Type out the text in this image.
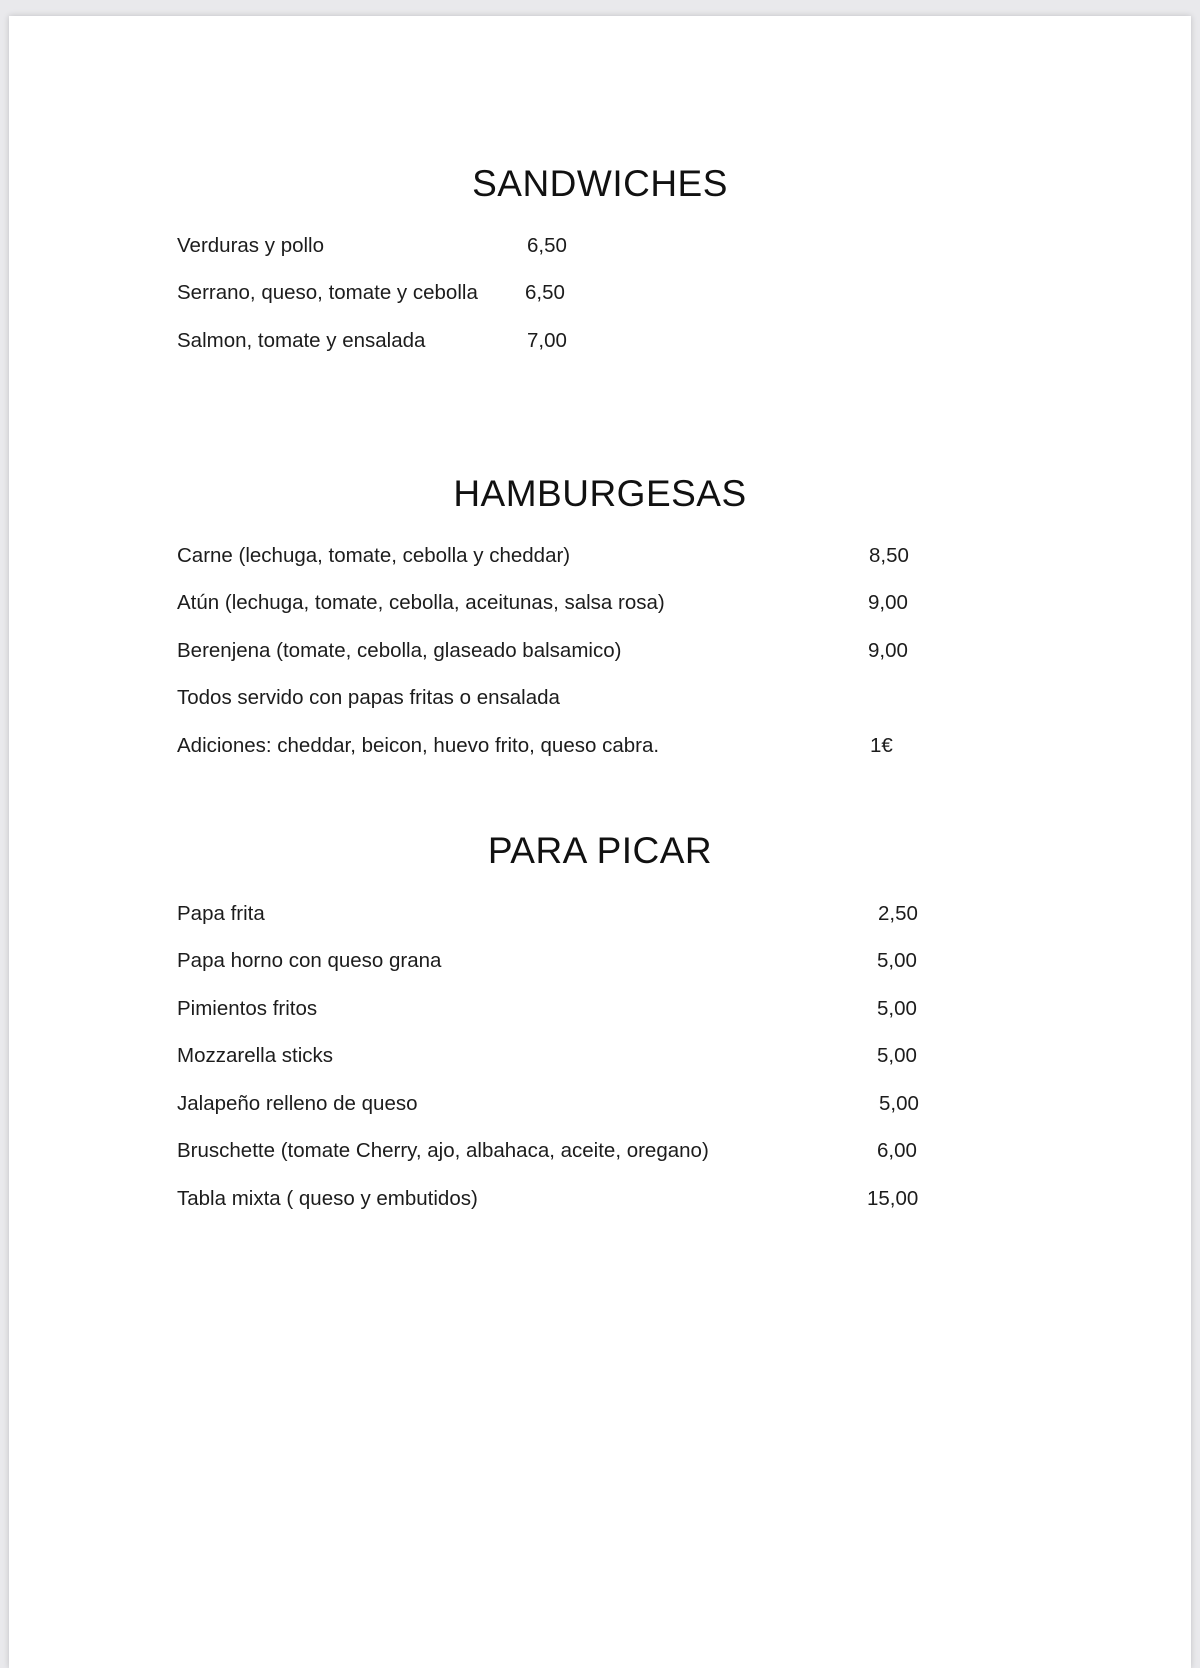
SANDWICHES
Verduras y pollo	6,50
Serrano, queso, tomate y cebolla 6,50
Salmon, tomate y ensalada	7,00
HAMBURGESAS
Carne (lechuga, tomate, cebolla y cheddar)	8,50
Atún (lechuga, tomate, cebolla, aceitunas, salsa rosa)	9,00
Berenjena (tomate, cebolla, glaseado balsamico)	9,00
Todos servido con papas fritas o ensalada
Adiciones: cheddar, beicon, huevo frito, queso cabra.	1€
PARA PICAR
Papa frita	2,50
Papa horno con queso grana	5,00
Pimientos fritos	5,00
Mozzarella sticks	5,00
Jalapeño relleno de queso	5,00
Bruschette (tomate Cherry, ajo, albahaca, aceite, oregano)	6,00
Tabla mixta ( queso y embutidos)	15,00
